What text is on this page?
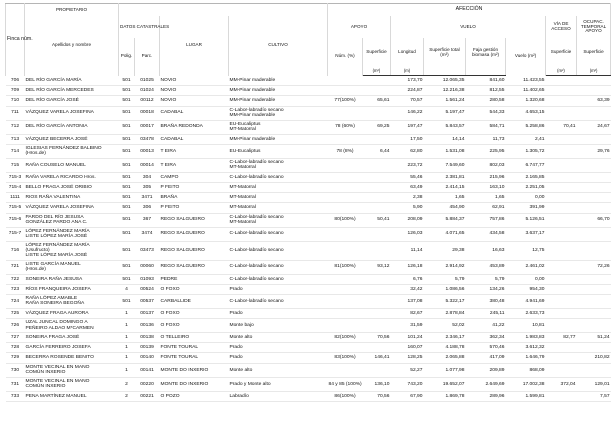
Finca núm.	PROPIETARIO					AFECCIÓN							
	Apellidos y nombre	DATOS CATASTRALES		LUGAR	CULTIVO	APOYO		VUELO				VÍA DE ACCESO	OCUPAC. TEMPORAL APOYO
		Polig.	Parc.			Núm. (%)	Superficie	Longitud	Superficie total (m²)	Faja gestión biomasa (m²)	Vuelo (m²)	Superficie	Superficie
							(m²)	(m)				(m²)	(m²)
706	DEL RÍO GARCÍA MARÍA	501	01025	NOVIO	MM-Pinar maderable			173,70	12.065,35	841,60	11.423,55		
709	DEL RÍO GARCÍA MERCEDES	501	01024	NOVIO	MM-Pinar maderable			224,87	12.216,38	812,55	11.402,65		
710	DEL RÍO GARCÍA JOSÉ	501	00112	NOVIO	MM-Pinar maderable	77(100%)	65,61	70,57	1.561,24	280,58	1.320,68		63,39
711	VÁZQUEZ VARELA JOSEFINA	501	00018	CADABAL	C-Labor-labradío secano
MM-Pinar maderable			146,22	5.197,47	544,33	4.653,15		
712	DEL RÍO GARCÍA ANTONIA	501	00017	BRAÑA REDONDA	EU-Eucaliptus
MT-Matorral	78 (60%)	69,25	197,47	5.843,57	584,71	5.258,86	70,41	24,67
713	VÁZQUEZ BECERRA JOSÉ	501	03478	CADABAL	MM-Pinar maderable			17,50	14,14	11,73	2,41		
714	IGLESIAS FERNÁNDEZ BALBINO
(Hros.de)	501	00013	T EIRA	EU-Eucaliptus	78 (8%)	6,44	62,80	1.531,08	225,95	1.305,72		29,76
715	RAÑA COUSELO MANUEL	501	00014	T EIRA	C-Labor-labradío secano
MT-Matorral			223,72	7.549,60	802,03	6.747,77		
715-3	RAÑA VARELA RICARDO Hros.	501	304	CAMPO	C-Labor-labradío secano			55,46	2.381,81	215,96	2.165,85		
715-4	BELLO FRAGA JOSÉ ORIBIO	501	305	P FEITO	MT-Matorral			63,49	2.414,15	163,10	2.251,05		
1111	RIOS RAÑA VALENTINA	501	3471	BRAÑA	MT-Matorral			2,38	1,65	1,65	0,00		
715-5	VÁZQUEZ VARELA JOSEFINA	501	306	P FEITO	MT-Matorral			5,90	454,90	62,91	391,99		
715-6	PARDO DEL RÍO JESUSA
GONZÁLEZ PARDO ANA C.	501	367	REGO SALGUEIRO	C-Labor-labradío secano
MT-Matorral	80(100%)	50,41	208,09	5.884,37	757,86	5.126,51		66,70
715-7	LÓPEZ FERNÁNDEZ MARÍA
LISTE LÓPEZ MARÍA JOSÉ	501	3474	REGO SALGUEIRO	C-Labor-labradío secano			126,03	4.071,65	434,58	3.637,17		
716	LÓPEZ FERNÁNDEZ MARÍA
(Usufructo)
LISTE LÓPEZ MARÍA JOSÉ	501	03473	REGO SALGUEIRO	C-Labor-labradío secano			11,14	29,38	16,63	12,75		
721	LISTE GARCÍA MANUEL
(Hros.de)	501	00060	REGO SALGUEIRO	C-Labor-labradío secano	81(100%)	93,12	126,18	2.914,92	453,89	2.461,02		72,26
722	SONEIRA RAÑA JESUSA	501	01093	PEDRE	C-Labor-labradío secano			6,76	5,79	5,79	0,00		
723	RÍOS FRANQUEIRA JOSEFA	4	00524	O FOXO	Prado			32,42	1.086,56	134,26	954,30		
724	RAÑA LÓPEZ AMABLE
RAÑA SONEIRA BEGOÑA	501	00537	CARBALLIDE	C-Labor-labradío secano			137,08	5.322,17	380,48	4.941,69		
725	VÁZQUEZ FRAGA AURORA	1	00137	O FOXO	Prado			82,67	2.878,84	245,11	2.633,73		
726	UZAL JUNCAL DOMINGO A
PEÑEIRO ALDAO M*CARMEN	1	00136	O FOXO	Monte bajo			31,59	52,02	41,22	10,81		
727	SONEIRA FRAGA JOSÉ	1	00138	O TELLEIRO	Monte alto	82(100%)	70,56	101,24	2.346,17	362,34	1.983,83	82,77	51,24
728	GARCÍA FERREIRO JOSEFA	1	00139	FONTE TOURAL	Prado			160,07	4.188,78	570,46	3.612,32		
729	BECERRA ROSENDE BENITO	1	00140	FONTE TOURAL	Prado	83(100%)	146,41	128,25	2.065,88	417,09	1.646,79		210,82
730	MONTE VECINAL EN MANO
COMÚN INXERIO	1	00141	MONTE DO INXERIO	Monte alto			52,27	1.077,98	209,89	868,09		
731	MONTE VECINAL EN MANO
COMÚN INXERIO	2	00220	MONTE DO INXERIO	Prado y Monte alto	84 y 85 (100%)	136,10	743,20	19.652,07	2.649,69	17.002,38	372,04	129,01
733	PENA MARTÍNEZ MANUEL	2	00221	O POZO	Labradío	86(100%)	70,56	67,90	1.869,78	289,96	1.599,81		7,57
